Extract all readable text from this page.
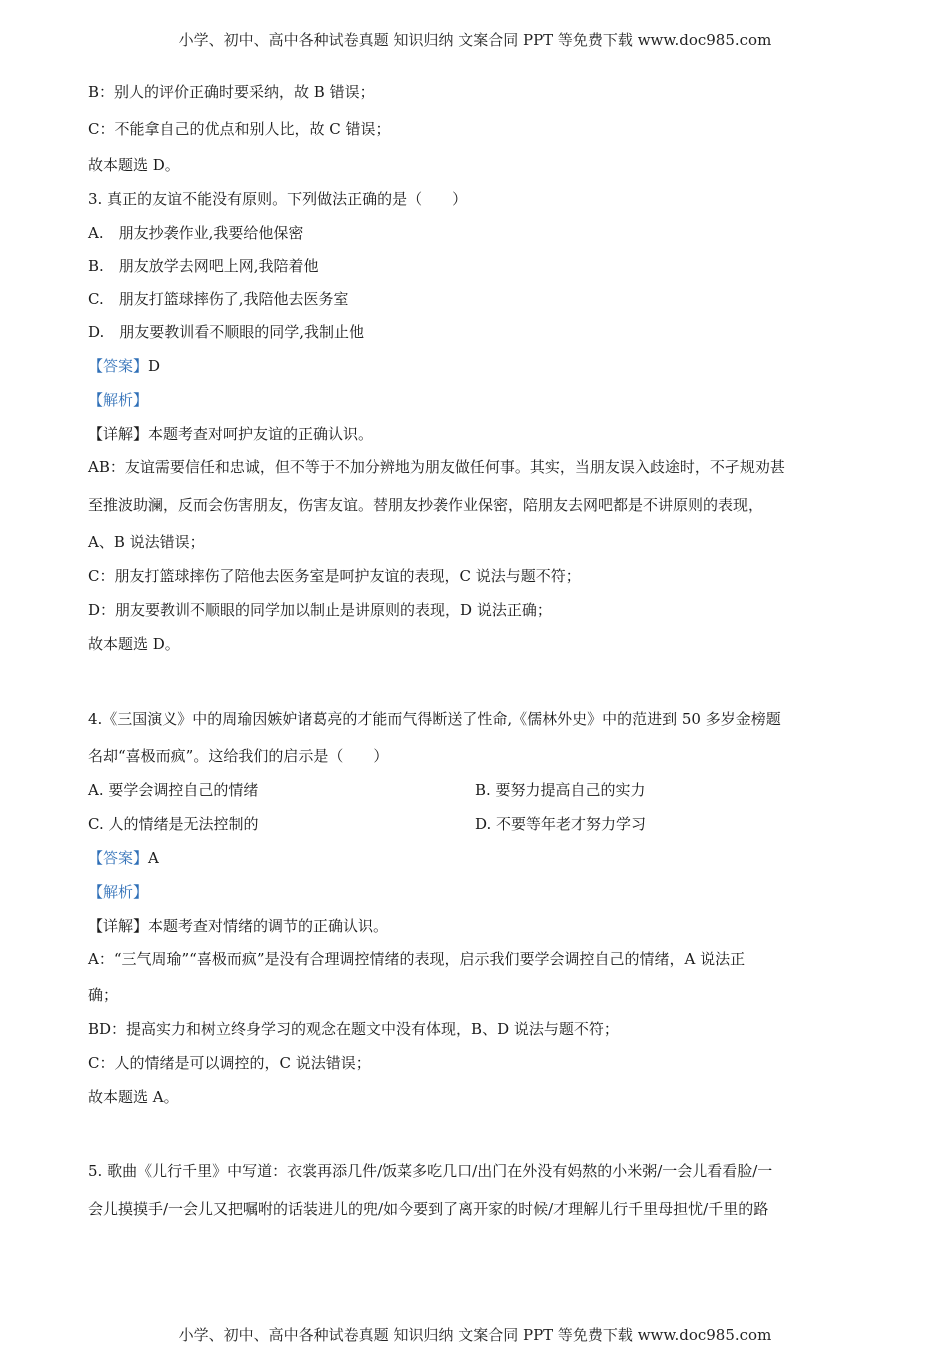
小学、初中、高中各种试卷真题 知识归纳 文案合同 PPT 等免费下载 www.doc985.com
B：别人的评价正确时要采纳，故 B 错误；
C：不能拿自己的优点和别人比，故 C 错误；
故本题选 D。
3. 真正的友谊不能没有原则。下列做法正确的是（　　）
A.　朋友抄袭作业,我要给他保密
B.　朋友放学去网吧上网,我陪着他
C.　朋友打篮球摔伤了,我陪他去医务室
D.　朋友要教训看不顺眼的同学,我制止他
【答案】D
【解析】
【详解】本题考查对呵护友谊的正确认识。
AB：友谊需要信任和忠诚，但不等于不加分辨地为朋友做任何事。其实，当朋友误入歧途时，不孑规劝甚
至推波助澜，反而会伤害朋友，伤害友谊。替朋友抄袭作业保密，陪朋友去网吧都是不讲原则的表现，
A、B 说法错误；
C：朋友打篮球摔伤了陪他去医务室是呵护友谊的表现，C 说法与题不符；
D：朋友要教训不顺眼的同学加以制止是讲原则的表现，D 说法正确；
故本题选 D。
4.《三国演义》中的周瑜因嫉妒诸葛亮的才能而气得断送了性命,《儒林外史》中的范进到 50 多岁金榜题
名却“喜极而疯”。这给我们的启示是（　　）
A. 要学会调控自己的情绪	B. 要努力提高自己的实力
C. 人的情绪是无法控制的	D. 不要等年老才努力学习
【答案】A
【解析】
【详解】本题考查对情绪的调节的正确认识。
A：“三气周瑜”“喜极而疯”是没有合理调控情绪的表现，启示我们要学会调控自己的情绪，A 说法正
确；
BD：提高实力和树立终身学习的观念在题文中没有体现，B、D 说法与题不符；
C：人的情绪是可以调控的，C 说法错误；
故本题选 A。
5. 歌曲《儿行千里》中写道：衣裳再添几件/饭菜多吃几口/出门在外没有妈熬的小米粥/一会儿看看脸/一
会儿摸摸手/一会儿又把嘱咐的话装进儿的兜/如今要到了离开家的时候/才理解儿行千里母担忧/千里的路
小学、初中、高中各种试卷真题 知识归纳 文案合同 PPT 等免费下载 www.doc985.com
